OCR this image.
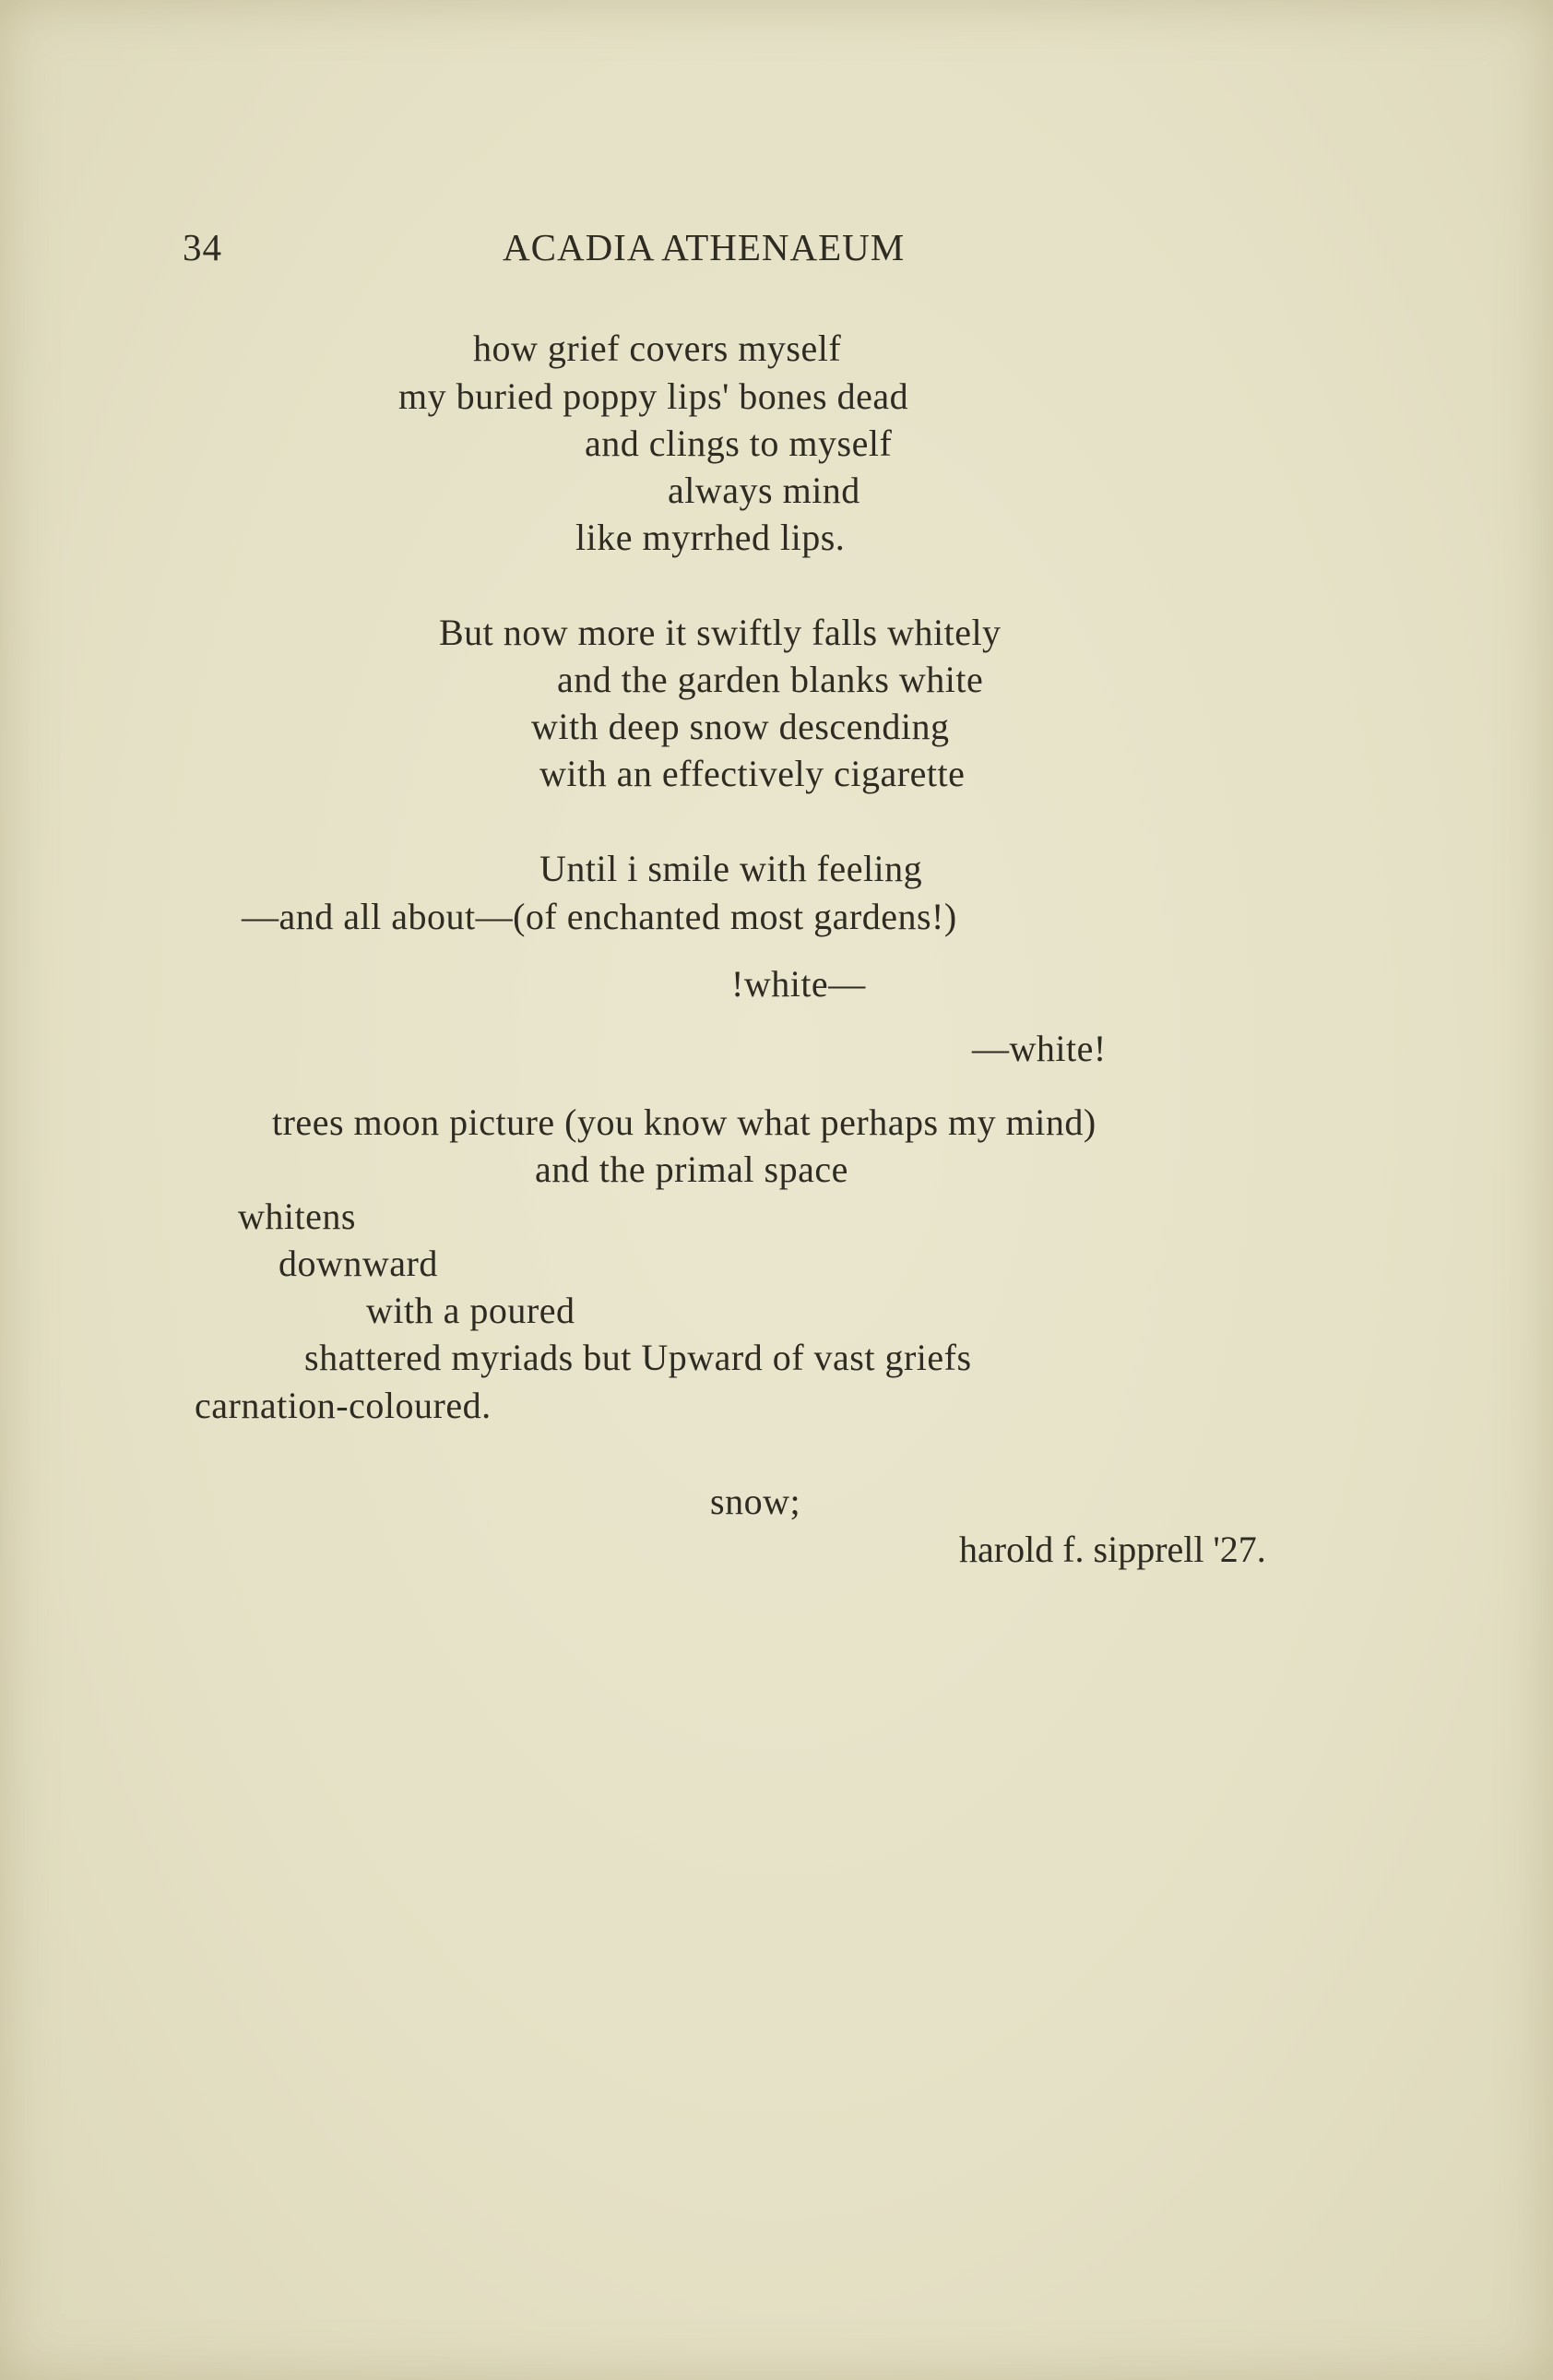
34	ACADIA ATHENAEUM
how grief covers myself
my buried poppy lips' bones dead
and clings to myself
always mind
like myrrhed lips.
But now more it swiftly falls whitely
and the garden blanks white
with deep snow descending
with an effectively cigarette
Until i smile with feeling
—and all about—(of enchanted most gardens!)
!white—
—white!
trees moon picture (you know what perhaps my mind)
and the primal space
whitens
downward
with a poured
shattered myriads but Upward of vast griefs
carnation-coloured.
snow;
harold f. sipprell '27.
